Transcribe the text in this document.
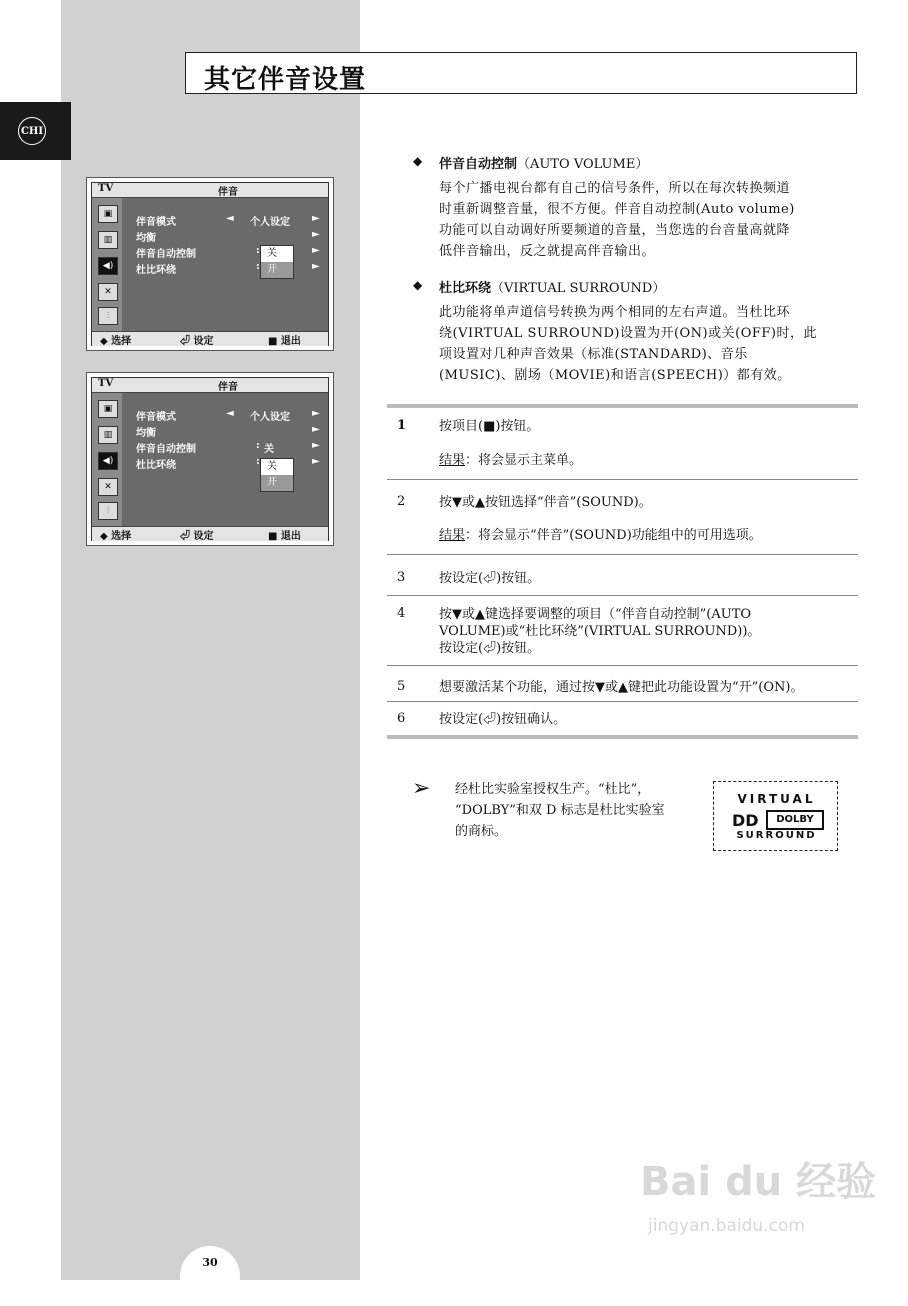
CHI
其它伴音设置
▣
▥
◀)
✕
⫶
TV	伴音
伴音模式	◄ 个人设定 ►
均衡	►
伴音自动控制	:	►
杜比环绕	:	►
关
开
◆ 选择	⏎ 设定	■ 退出
▣
▥
◀)
✕
⫶
TV	伴音
伴音模式	◄ 个人设定 ►
均衡	►
伴音自动控制	: 关	►
杜比环绕	:	►
关
开
◆ 选择	⏎ 设定	■ 退出
◆ 伴音自动控制（AUTO VOLUME）
每个广播电视台都有自己的信号条件，所以在每次转换频道
时重新调整音量，很不方便。伴音自动控制(Auto volume)
功能可以自动调好所要频道的音量，当您选的台音量高就降
低伴音输出，反之就提高伴音输出。
◆ 杜比环绕（VIRTUAL SURROUND）
此功能将单声道信号转换为两个相同的左右声道。当杜比环
绕(VIRTUAL SURROUND)设置为开(ON)或关(OFF)时，此
项设置对几种声音效果（标准(STANDARD)、音乐
(MUSIC)、剧场（MOVIE)和语言(SPEECH)）都有效。
1	按项目(■)按钮。
结果：将会显示主菜单。
2	按▼或▲按钮选择“伴音”(SOUND)。
结果：将会显示“伴音”(SOUND)功能组中的可用选项。
3	按设定(⏎)按钮。
4	按▼或▲键选择要调整的项目（“伴音自动控制”(AUTO
VOLUME)或“杜比环绕”(VIRTUAL SURROUND))。
按设定(⏎)按钮。
5	想要激活某个功能，通过按▼或▲键把此功能设置为“开”(ON)。
6	按设定(⏎)按钮确认。
➢ 经杜比实验室授权生产。“杜比”，
“DOLBY”和双 D 标志是杜比实验室
的商标。
VIRTUAL
DD	DOLBY
SURROUND
30
Bai du 经验
jingyan.baidu.com
